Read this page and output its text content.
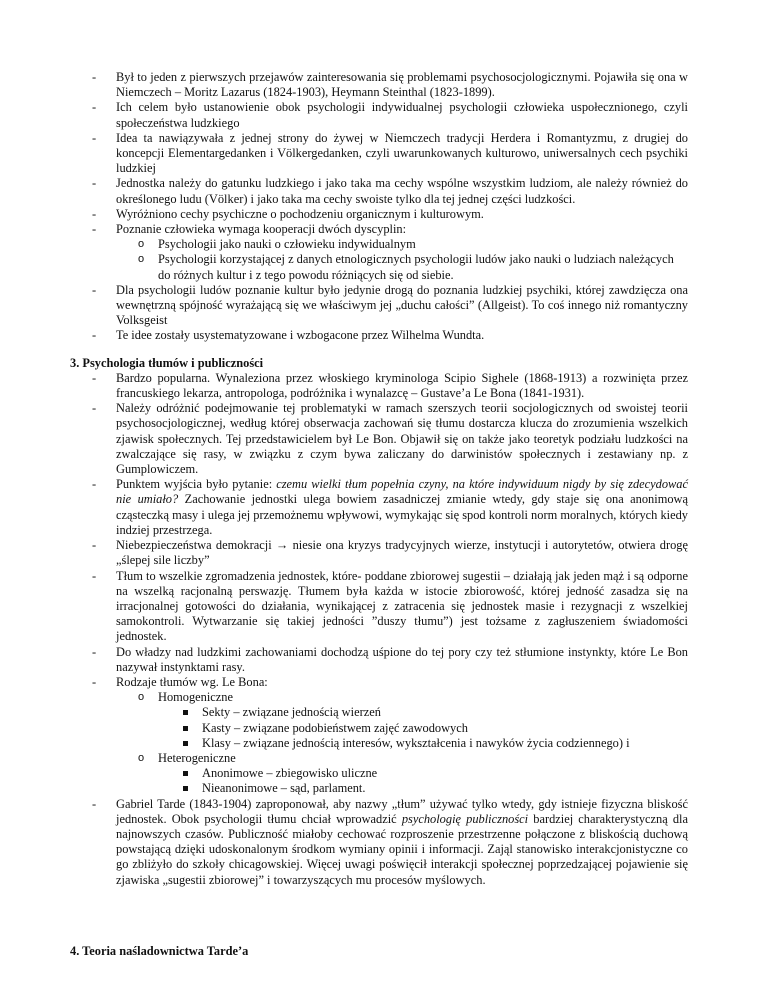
- Był to jeden z pierwszych przejawów zainteresowania się problemami psychosocjologicznymi. Pojawiła się ona w Niemczech – Moritz Lazarus (1824-1903), Heymann Steinthal (1823-1899).
- Ich celem było ustanowienie obok psychologii indywidualnej psychologii człowieka uspołecznionego, czyli społeczeństwa ludzkiego
- Idea ta nawiązywała z jednej strony do żywej w Niemczech tradycji Herdera i Romantyzmu, z drugiej do koncepcji Elementargedanken i Völkergedanken, czyli uwarunkowanych kulturowo, uniwersalnych cech psychiki ludzkiej
- Jednostka należy do gatunku ludzkiego i jako taka ma cechy wspólne wszystkim ludziom, ale należy również do określonego ludu (Völker) i jako taka ma cechy swoiste tylko dla tej jednej części ludzkości.
- Wyróżniono cechy psychiczne o pochodzeniu organicznym i kulturowym.
- Poznanie człowieka wymaga kooperacji dwóch dyscyplin:
o Psychologii jako nauki o człowieku indywidualnym
o Psychologii korzystającej z danych etnologicznych psychologii ludów jako nauki o ludziach należących do różnych kultur i z tego powodu różniących się od siebie.
- Dla psychologii ludów poznanie kultur było jedynie drogą do poznania ludzkiej psychiki, której zawdzięcza ona wewnętrzną spójność wyrażającą się we właściwym jej „duchu całości” (Allgeist). To coś innego niż romantyczny Volksgeist
- Te idee zostały usystematyzowane i wzbogacone przez Wilhelma Wundta.
3. Psychologia tłumów i publiczności
- Bardzo popularna. Wynaleziona przez włoskiego kryminologa Scipio Sighele (1868-1913) a rozwinięta przez francuskiego lekarza, antropologa, podróżnika i wynalazcę – Gustave’a Le Bona (1841-1931).
- Należy odróżnić podejmowanie tej problematyki w ramach szerszych teorii socjologicznych od swoistej teorii psychosocjologicznej, według której obserwacja zachowań się tłumu dostarcza klucza do zrozumienia wszelkich zjawisk społecznych. Tej przedstawicielem był Le Bon. Objawił się on także jako teoretyk podziału ludzkości na zwalczające się rasy, w związku z czym bywa zaliczany do darwinistów społecznych i zestawiany np. z Gumplowiczem.
- Punktem wyjścia było pytanie: czemu wielki tłum popełnia czyny, na które indywiduum nigdy by się zdecydować nie umiało? Zachowanie jednostki ulega bowiem zasadniczej zmianie wtedy, gdy staje się ona anonimową cząsteczką masy i ulega jej przemożnemu wpływowi, wymykając się spod kontroli norm moralnych, których kiedy indziej przestrzega.
- Niebezpieczeństwa demokracji → niesie ona kryzys tradycyjnych wierze, instytucji i autorytetów, otwiera drogę „ślepej sile liczby”
- Tłum to wszelkie zgromadzenia jednostek, które- poddane zbiorowej sugestii – działają jak jeden mąż i są odporne na wszelką racjonalną perswazję. Tłumem była każda w istocie zbiorowość, której jedność zasadza się na irracjonalnej gotowości do działania, wynikającej z zatracenia się jednostek masie i rezygnacji z wszelkiej samokontroli. Wytwarzanie się takiej jedności ”duszy tłumu”) jest tożsame z zagłuszeniem świadomości jednostek.
- Do władzy nad ludzkimi zachowaniami dochodzą uśpione do tej pory czy też stłumione instynkty, które Le Bon nazywał instynktami rasy.
- Rodzaje tłumów wg. Le Bona:
o Homogeniczne
Sekty – związane jednością wierzeń
Kasty – związane podobieństwem zajęć zawodowych
Klasy – związane jednością interesów, wykształcenia i nawyków życia codziennego) i
o Heterogeniczne
Anonimowe – zbiegowisko uliczne
Nieanonimowe – sąd, parlament.
- Gabriel Tarde (1843-1904) zaproponował, aby nazwy „tłum” używać tylko wtedy, gdy istnieje fizyczna bliskość jednostek. Obok psychologii tłumu chciał wprowadzić psychologię publiczności bardziej charakterystyczną dla najnowszych czasów. Publiczność miałoby cechować rozproszenie przestrzenne połączone z bliskością duchową powstającą dzięki udoskonalonym środkom wymiany opinii i informacji. Zająl stanowisko interakcjonistyczne co go zbliżyło do szkoły chicagowskiej. Więcej uwagi poświęcił interakcji społecznej poprzedzającej pojawienie się zjawiska „sugestii zbiorowej” i towarzyszących mu procesów myślowych.
4. Teoria naśladownictwa Tarde’a
